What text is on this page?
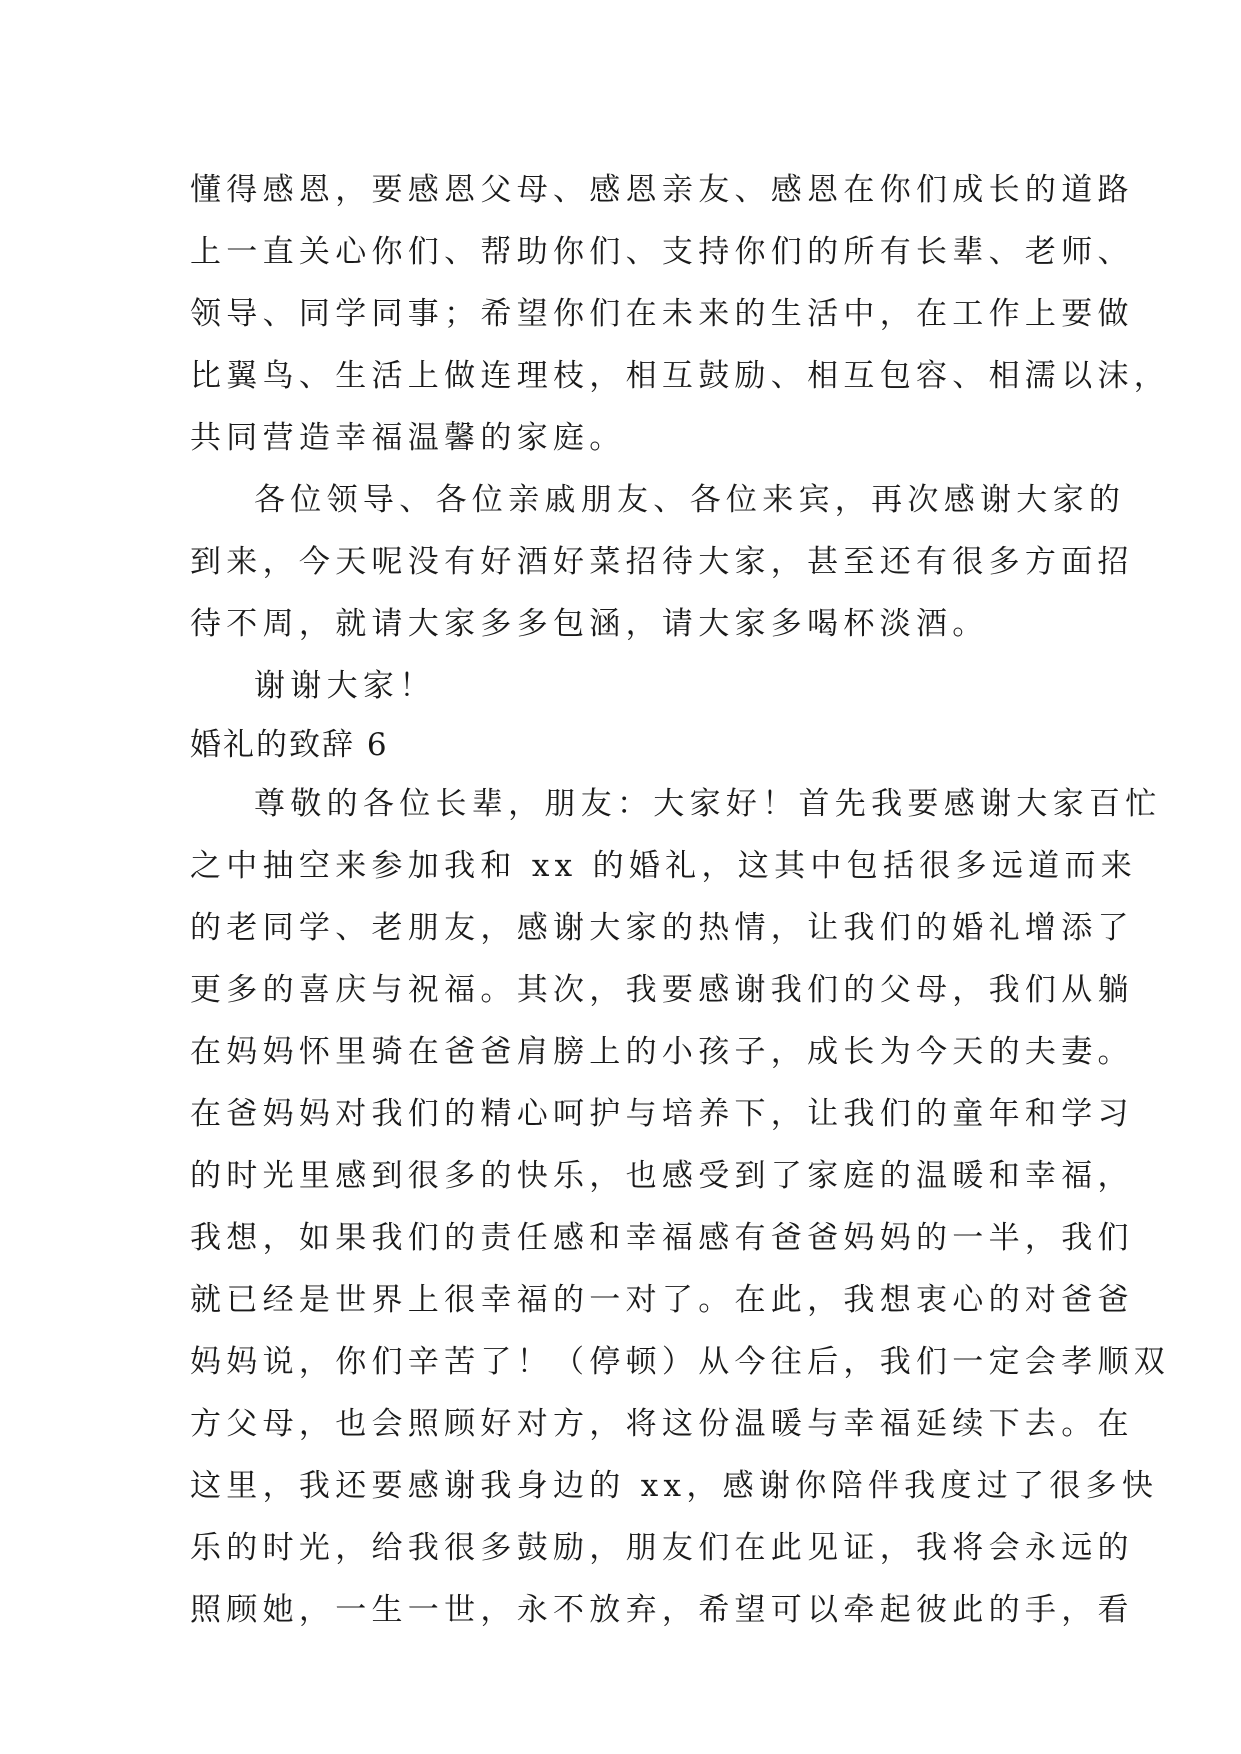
懂得感恩，要感恩父母、感恩亲友、感恩在你们成长的道路
上一直关心你们、帮助你们、支持你们的所有长辈、老师、
领导、同学同事；希望你们在未来的生活中，在工作上要做
比翼鸟、生活上做连理枝，相互鼓励、相互包容、相濡以沫，
共同营造幸福温馨的家庭。
各位领导、各位亲戚朋友、各位来宾，再次感谢大家的
到来，今天呢没有好酒好菜招待大家，甚至还有很多方面招
待不周，就请大家多多包涵，请大家多喝杯淡酒。
谢谢大家！
婚礼的致辞 6
尊敬的各位长辈，朋友：大家好！首先我要感谢大家百忙
之中抽空来参加我和 xx 的婚礼，这其中包括很多远道而来
的老同学、老朋友，感谢大家的热情，让我们的婚礼增添了
更多的喜庆与祝福。其次，我要感谢我们的父母，我们从躺
在妈妈怀里骑在爸爸肩膀上的小孩子，成长为今天的夫妻。
在爸妈妈对我们的精心呵护与培养下，让我们的童年和学习
的时光里感到很多的快乐，也感受到了家庭的温暖和幸福，
我想，如果我们的责任感和幸福感有爸爸妈妈的一半，我们
就已经是世界上很幸福的一对了。在此，我想衷心的对爸爸
妈妈说，你们辛苦了！（停顿）从今往后，我们一定会孝顺双
方父母，也会照顾好对方，将这份温暖与幸福延续下去。在
这里，我还要感谢我身边的 xx，感谢你陪伴我度过了很多快
乐的时光，给我很多鼓励，朋友们在此见证，我将会永远的
照顾她，一生一世，永不放弃，希望可以牵起彼此的手，看
